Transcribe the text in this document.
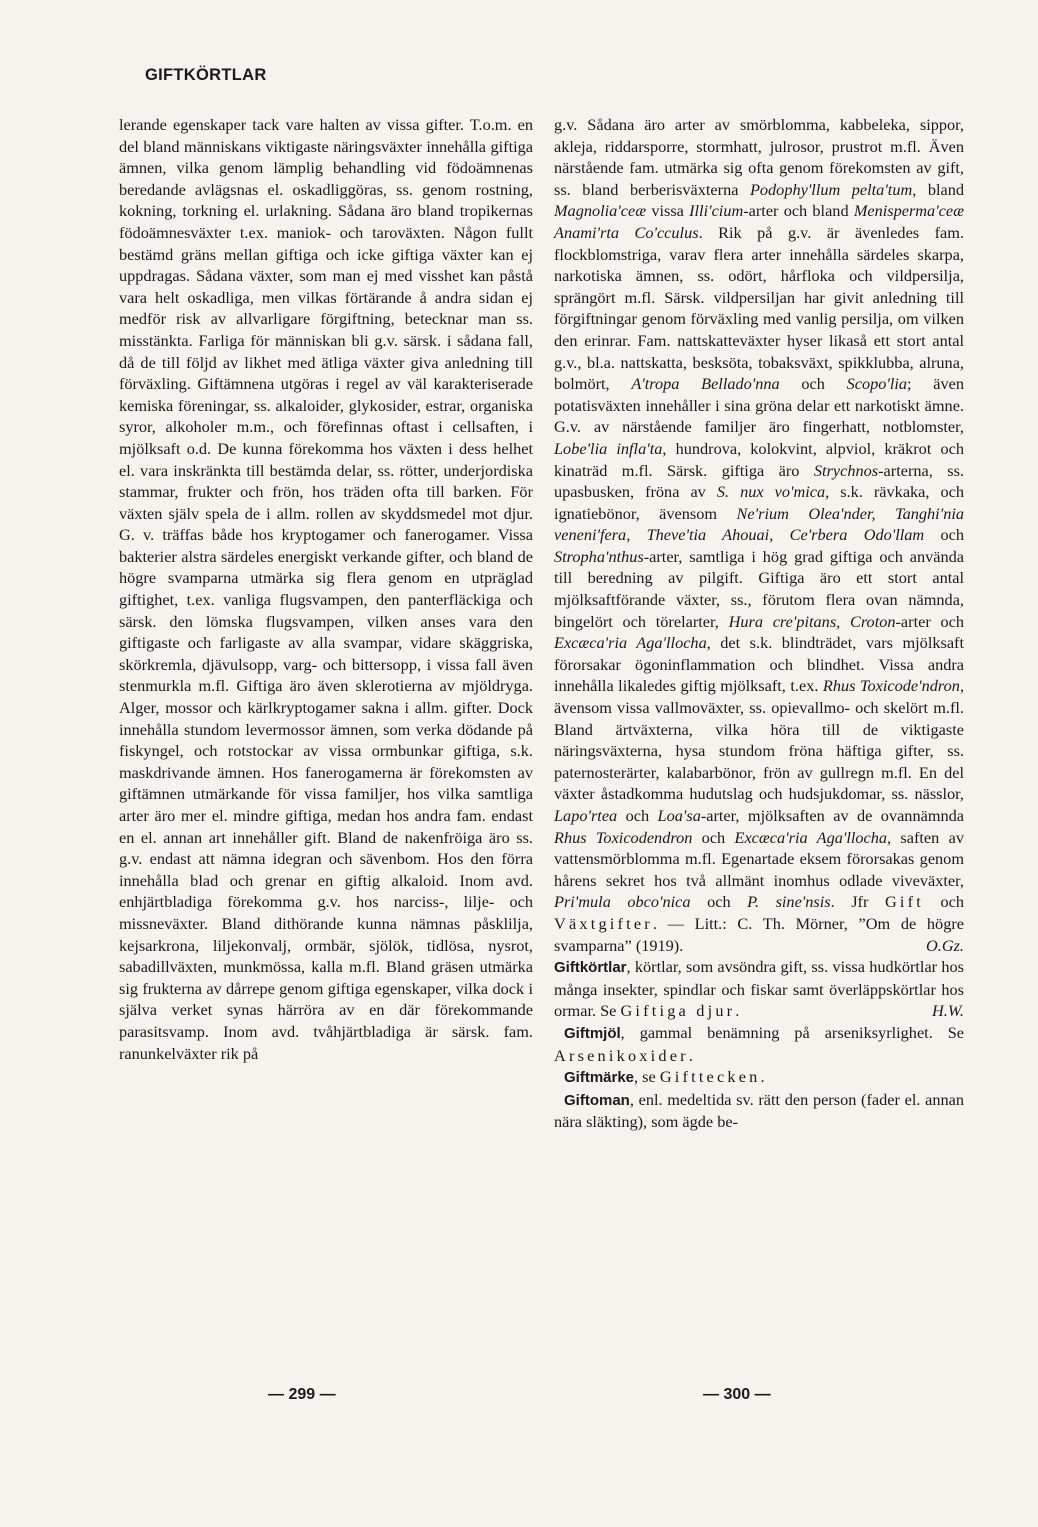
GIFTKÖRTLAR

lerande egenskaper tack vare halten av vissa gifter. T.o.m. en del bland människans viktigaste näringsväxter innehålla giftiga ämnen, vilka genom lämplig behandling vid födoämnenas beredande avlägsnas el. oskadliggöras, ss. genom rostning, kokning, torkning el. urlakning. Sådana äro bland tropikernas födoämnesväxter t.ex. maniok- och taroväxten. Någon fullt bestämd gräns mellan giftiga och icke giftiga växter kan ej uppdragas. Sådana växter, som man ej med visshet kan påstå vara helt oskadliga, men vilkas förtärande å andra sidan ej medför risk av allvarligare förgiftning, betecknar man ss. misstänkta. Farliga för människan bli g.v. särsk. i sådana fall, då de till följd av likhet med ätliga växter giva anledning till förväxling. Giftämnena utgöras i regel av väl karakteriserade kemiska föreningar, ss. alkaloider, glykosider, estrar, organiska syror, alkoholer m.m., och förefinnas oftast i cellsaften, i mjölksaft o.d. De kunna förekomma hos växten i dess helhet el. vara inskränkta till bestämda delar, ss. rötter, underjordiska stammar, frukter och frön, hos träden ofta till barken. För växten själv spela de i allm. rollen av skyddsmedel mot djur. G. v. träffas både hos kryptogamer och fanerogamer. Vissa bakterier alstra särdeles energiskt verkande gifter, och bland de högre svamparna utmärka sig flera genom en utpräglad giftighet, t.ex. vanliga flugsvampen, den panterfläckiga och särsk. den lömska flugsvampen, vilken anses vara den giftigaste och farligaste av alla svampar, vidare skäggriska, skörkremla, djävulsopp, varg- och bittersopp, i vissa fall även stenmurkla m.fl. Giftiga äro även sklerotierna av mjöldryga. Alger, mossor och kärlkryptogamer sakna i allm. gifter. Dock innehålla stundom levermossor ämnen, som verka dödande på fiskyngel, och rotstockar av vissa ormbunkar giftiga, s.k. maskdrivande ämnen. Hos fanerogamerna är förekomsten av giftämnen utmärkande för vissa familjer, hos vilka samtliga arter äro mer el. mindre giftiga, medan hos andra fam. endast en el. annan art innehåller gift. Bland de nakenfröiga äro ss. g.v. endast att nämna idegran och sävenbom. Hos den förra innehålla blad och grenar en giftig alkaloid. Inom avd. enhjärtbladiga förekomma g.v. hos narciss-, lilje- och missneväxter. Bland dithörande kunna nämnas påsklilja, kejsarkrona, liljekonvalj, ormbär, sjölök, tidlösa, nysrot, sabadillväxten, munkmössa, kalla m.fl. Bland gräsen utmärka sig frukterna av dårrepe genom giftiga egenskaper, vilka dock i själva verket synas härröra av en där förekommande parasitsvamp. Inom avd. tvåhjärtbladiga är särsk. fam. ranunkelväxter rik på

g.v. Sådana äro arter av smörblomma, kabbeleka, sippor, akleja, riddarsporre, stormhatt, julrosor, prustrot m.fl. Även närstående fam. utmärka sig ofta genom förekomsten av gift, ss. bland berberisväxterna Podophy'llum pelta'tum, bland Magnolia'ceæ vissa Illi'cium-arter och bland Menisperma'ceæ Anami'rta Co'cculus. Rik på g.v. är ävenledes fam. flockblomstriga, varav flera arter innehålla särdeles skarpa, narkotiska ämnen, ss. odört, hårfloka och vildpersilja, sprängört m.fl. Särsk. vildpersiljan har givit anledning till förgiftningar genom förväxling med vanlig persilja, om vilken den erinrar. Fam. nattskatteväxter hyser likaså ett stort antal g.v., bl.a. nattskatta, besksöta, tobaksväxt, spikklubba, alruna, bolmört, A'tropa Bellado'nna och Scopo'lia; även potatisväxten innehåller i sina gröna delar ett narkotiskt ämne. G.v. av närstående familjer äro fingerhatt, notblomster, Lobe'lia infla'ta, hundrova, kolokvint, alpviol, kräkrot och kinaträd m.fl. Särsk. giftiga äro Strychnos-arterna, ss. upasbusken, fröna av S. nux vo'mica, s.k. rävkaka, och ignatiebönor, ävensom Ne'rium Olea'nder, Tanghi'nia veneni'fera, Theve'tia Ahouai, Ce'rbera Odo'llam och Stropha'nthus-arter, samtliga i hög grad giftiga och använda till beredning av pilgift. Giftiga äro ett stort antal mjölksaftförande växter, ss., förutom flera ovan nämnda, bingelört och törelarter, Hura cre'pitans, Croton-arter och Excæca'ria Aga'llocha, det s.k. blindträdet, vars mjölksaft förorsakar ögoninflammation och blindhet. Vissa andra innehålla likaledes giftig mjölksaft, t.ex. Rhus Toxicode'ndron, ävensom vissa vallmoväxter, ss. opievallmo- och skelört m.fl. Bland ärtväxterna, vilka höra till de viktigaste näringsväxterna, hysa stundom fröna häftiga gifter, ss. paternosterärter, kalabarbönor, frön av gullregn m.fl. En del växter åstadkomma hudutslag och hudsjukdomar, ss. nässlor, Lapo'rtea och Loa'sa-arter, mjölksaften av de ovannämnda Rhus Toxicodendron och Excæca'ria Aga'llocha, saften av vattensmörblomma m.fl. Egenartade eksem förorsakas genom hårens sekret hos två allmänt inomhus odlade viveväxter, Pri'mula obco'nica och P. sine'nsis. Jfr Gift och Växtgifter. — Litt.: C. Th. Mörner, ”Om de högre svamparna” (1919).	O.Gz.

Giftkörtlar, körtlar, som avsöndra gift, ss. vissa hudkörtlar hos många insekter, spindlar och fiskar samt överläppskörtlar hos ormar. Se Giftiga djur.	H.W.

Giftmjöl, gammal benämning på arseniksyrlighet. Se Arsenikoxider.

Giftmärke, se Gifttecken.

Giftoman, enl. medeltida sv. rätt den person (fader el. annan nära släkting), som ägde be-

— 299 —	— 300 —
